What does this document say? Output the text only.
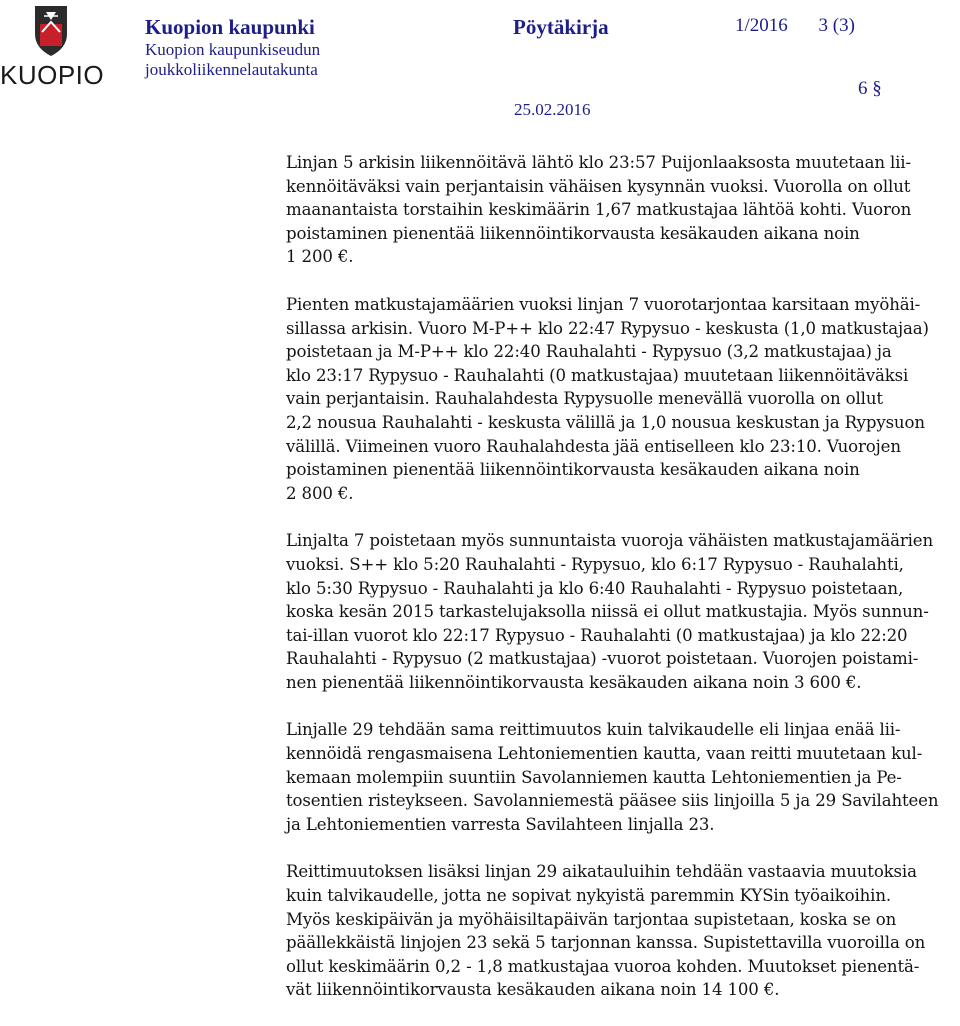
KUOPIO
Kuopion kaupunki
Kuopion kaupunkiseudun
joukkoliikennelautakunta
Pöytäkirja	1/2016 3 (3)
6 §
25.02.2016

Linjan 5 arkisin liikennöitävä lähtö klo 23:57 Puijonlaaksosta muutetaan lii-
kennöitäväksi vain perjantaisin vähäisen kysynnän vuoksi. Vuorolla on ollut
maanantaista torstaihin keskimäärin 1,67 matkustajaa lähtöä kohti. Vuoron
poistaminen pienentää liikennöintikorvausta kesäkauden aikana noin
1 200 €.

Pienten matkustajamäärien vuoksi linjan 7 vuorotarjontaa karsitaan myöhäi-
sillassa arkisin. Vuoro M-P++ klo 22:47 Rypysuo - keskusta (1,0 matkustajaa)
poistetaan ja M-P++ klo 22:40 Rauhalahti - Rypysuo (3,2 matkustajaa) ja
klo 23:17 Rypysuo - Rauhalahti (0 matkustajaa) muutetaan liikennöitäväksi
vain perjantaisin. Rauhalahdesta Rypysuolle menevällä vuorolla on ollut
2,2 nousua Rauhalahti - keskusta välillä ja 1,0 nousua keskustan ja Rypysuon
välillä. Viimeinen vuoro Rauhalahdesta jää entiselleen klo 23:10. Vuorojen
poistaminen pienentää liikennöintikorvausta kesäkauden aikana noin
2 800 €.

Linjalta 7 poistetaan myös sunnuntaista vuoroja vähäisten matkustajamäärien
vuoksi. S++ klo 5:20 Rauhalahti - Rypysuo, klo 6:17 Rypysuo - Rauhalahti,
klo 5:30 Rypysuo - Rauhalahti ja klo 6:40 Rauhalahti - Rypysuo poistetaan,
koska kesän 2015 tarkastelujaksolla niissä ei ollut matkustajia. Myös sunnun-
tai-illan vuorot klo 22:17 Rypysuo - Rauhalahti (0 matkustajaa) ja klo 22:20
Rauhalahti - Rypysuo (2 matkustajaa) -vuorot poistetaan. Vuorojen poistami-
nen pienentää liikennöintikorvausta kesäkauden aikana noin 3 600 €.

Linjalle 29 tehdään sama reittimuutos kuin talvikaudelle eli linjaa enää lii-
kennöidä rengasmaisena Lehtoniementien kautta, vaan reitti muutetaan kul-
kemaan molempiin suuntiin Savolanniemen kautta Lehtoniementien ja Pe-
tosentien risteykseen. Savolanniemestä pääsee siis linjoilla 5 ja 29 Savilahteen
ja Lehtoniementien varresta Savilahteen linjalla 23.

Reittimuutoksen lisäksi linjan 29 aikatauluihin tehdään vastaavia muutoksia
kuin talvikaudelle, jotta ne sopivat nykyistä paremmin KYSin työaikoihin.
Myös keskipäivän ja myöhäisiltapäivän tarjontaa supistetaan, koska se on
päällekkäistä linjojen 23 sekä 5 tarjonnan kanssa. Supistettavilla vuoroilla on
ollut keskimäärin 0,2 - 1,8 matkustajaa vuoroa kohden. Muutokset pienentä-
vät liikennöintikorvausta kesäkauden aikana noin 14 100 €.
